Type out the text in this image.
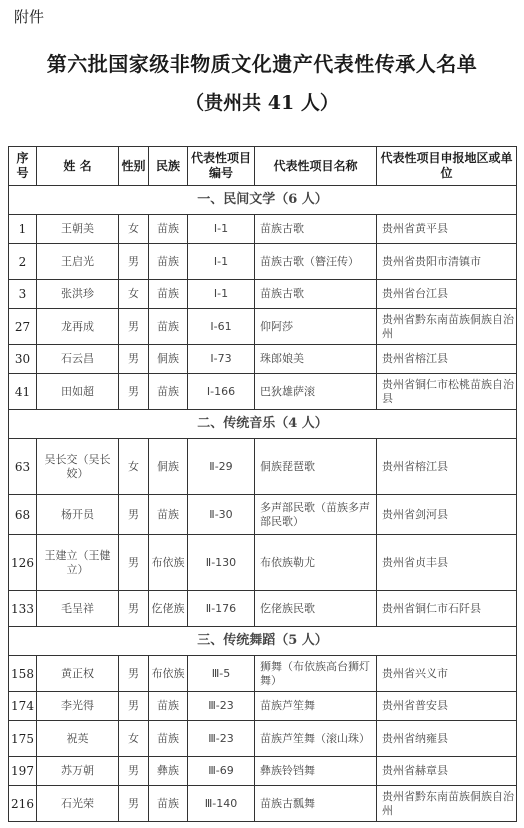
附件
第六批国家级非物质文化遗产代表性传承人名单
（贵州共 41 人）
序号	姓 名	性别	民族	代表性项目编号	代表性项目名称	代表性项目申报地区或单位
一、民间文学（6 人）						
1	王朝美	女	苗族	Ⅰ-1	苗族古歌	贵州省黄平县
2	王启光	男	苗族	Ⅰ-1	苗族古歌（簪汪传）	贵州省贵阳市清镇市
3	张洪珍	女	苗族	Ⅰ-1	苗族古歌	贵州省台江县
27	龙再成	男	苗族	Ⅰ-61	仰阿莎	贵州省黔东南苗族侗族自治州
30	石云昌	男	侗族	Ⅰ-73	珠郎娘美	贵州省榕江县
41	田如超	男	苗族	Ⅰ-166	巴狄雄萨滚	贵州省铜仁市松桃苗族自治县
二、传统音乐（4 人）						
63	吴长交（吴长姣）	女	侗族	Ⅱ-29	侗族琵琶歌	贵州省榕江县
68	杨开员	男	苗族	Ⅱ-30	多声部民歌（苗族多声部民歌）	贵州省剑河县
126	王建立（王健立）	男	布依族	Ⅱ-130	布依族勒尤	贵州省贞丰县
133	毛呈祥	男	仡佬族	Ⅱ-176	仡佬族民歌	贵州省铜仁市石阡县
三、传统舞蹈（5 人）						
158	黄正权	男	布依族	Ⅲ-5	狮舞（布依族高台狮灯舞）	贵州省兴义市
174	李光得	男	苗族	Ⅲ-23	苗族芦笙舞	贵州省普安县
175	祝英	女	苗族	Ⅲ-23	苗族芦笙舞（滚山珠）	贵州省纳雍县
197	苏万朝	男	彝族	Ⅲ-69	彝族铃铛舞	贵州省赫章县
216	石光荣	男	苗族	Ⅲ-140	苗族古瓢舞	贵州省黔东南苗族侗族自治州
